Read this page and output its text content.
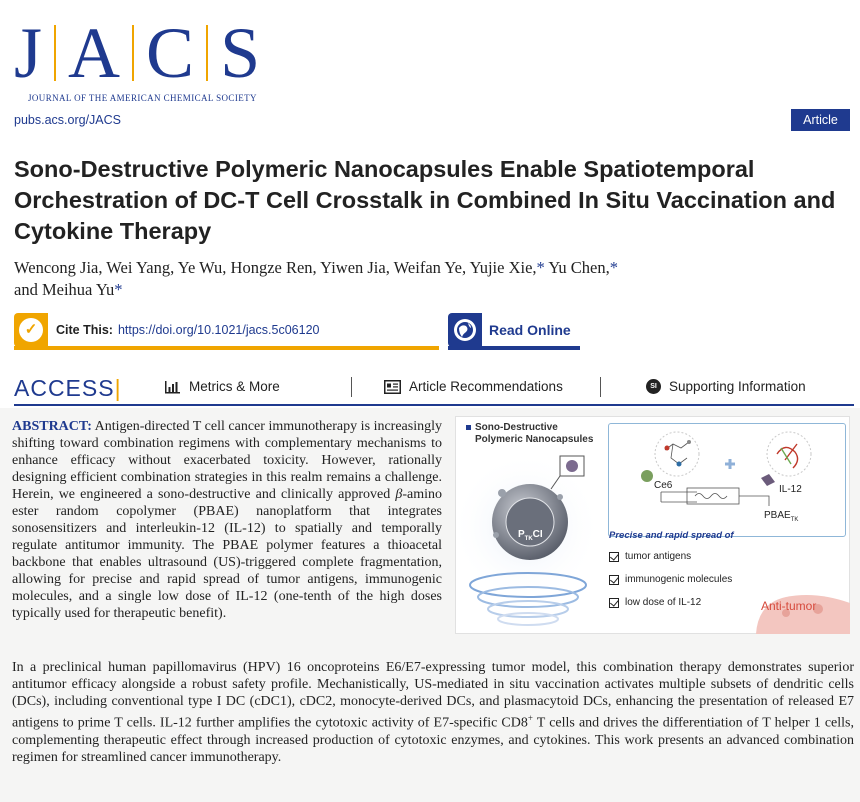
J A C S
JOURNAL OF THE AMERICAN CHEMICAL SOCIETY
pubs.acs.org/JACS	Article
Sono-Destructive Polymeric Nanocapsules Enable Spatiotemporal Orchestration of DC-T Cell Crosstalk in Combined In Situ Vaccination and Cytokine Therapy
Wencong Jia, Wei Yang, Ye Wu, Hongze Ren, Yiwen Jia, Weifan Ye, Yujie Xie,* Yu Chen,*
and Meihua Yu*
✓	Cite This: https://doi.org/10.1021/jacs.5c06120	Read Online
ACCESS|	Metrics & More	Article Recommendations	SI Supporting Information
ABSTRACT: Antigen-directed T cell cancer immunotherapy is increasingly shifting toward combination regimens with complementary mechanisms to enhance efficacy without exacerbated toxicity. However, rationally designing efficient combination strategies in this realm remains a challenge. Herein, we engineered a sono-destructive and clinically approved β-amino ester random copolymer (PBAE) nanoplatform that integrates sonosensitizers and interleukin-12 (IL-12) to spatially and temporally regulate antitumor immunity. The PBAE polymer features a thioacetal backbone that enables ultrasound (US)-triggered complete fragmentation, allowing for precise and rapid spread of tumor antigens, immunogenic molecules, and a single low dose of IL-12 (one-tenth of the high doses typically used for therapeutic benefit).
In a preclinical human papillomavirus (HPV) 16 oncoproteins E6/E7-expressing tumor model, this combination therapy demonstrates superior antitumor efficacy alongside a robust safety profile. Mechanistically, US-mediated in situ vaccination activates multiple subsets of dendritic cells (DCs), including conventional type I DC (cDC1), cDC2, monocyte-derived DCs, and plasmacytoid DCs, enhancing the presentation of released E7 antigens to prime T cells. IL-12 further amplifies the cytotoxic activity of E7-specific CD8+ T cells and drives the differentiation of T helper 1 cells, complementing therapeutic effect through increased production of cytotoxic enzymes, and cytokines. This work presents an advanced combination regimen for streamlined cancer immunotherapy.
Sono-Destructive
Polymeric Nanocapsules
$P_{TK}CI$
Ce6	IL-12
$PBAE_{TK}$
Precise and rapid spread of
tumor antigens
immunogenic molecules
low dose of IL-12	Anti-tumor
